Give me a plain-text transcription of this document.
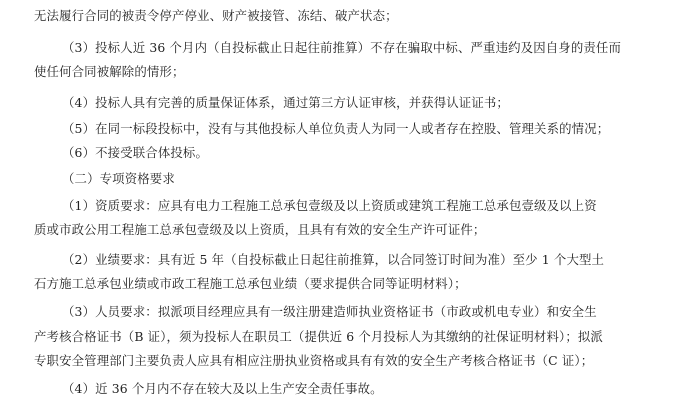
无法履行合同的被责令停产停业、财产被接管、冻结、破产状态；
（3）投标人近 36 个月内（自投标截止日起往前推算）不存在骗取中标、严重违约及因自身的责任而
使任何合同被解除的情形；
（4）投标人具有完善的质量保证体系，通过第三方认证审核，并获得认证证书；
（5）在同一标段投标中，没有与其他投标人单位负责人为同一人或者存在控股、管理关系的情况；
（6）不接受联合体投标。
（二）专项资格要求
（1）资质要求：应具有电力工程施工总承包壹级及以上资质或建筑工程施工总承包壹级及以上资
质或市政公用工程施工总承包壹级及以上资质，且具有有效的安全生产许可证件；
（2）业绩要求：具有近 5 年（自投标截止日起往前推算，以合同签订时间为准）至少 1 个大型土
石方施工总承包业绩或市政工程施工总承包业绩（要求提供合同等证明材料）；
（3）人员要求：拟派项目经理应具有一级注册建造师执业资格证书（市政或机电专业）和安全生
产考核合格证书（B 证），须为投标人在职员工（提供近 6 个月投标人为其缴纳的社保证明材料）；拟派
专职安全管理部门主要负责人应具有相应注册执业资格或具有有效的安全生产考核合格证书（C 证）；
（4）近 36 个月内不存在较大及以上生产安全责任事故。
